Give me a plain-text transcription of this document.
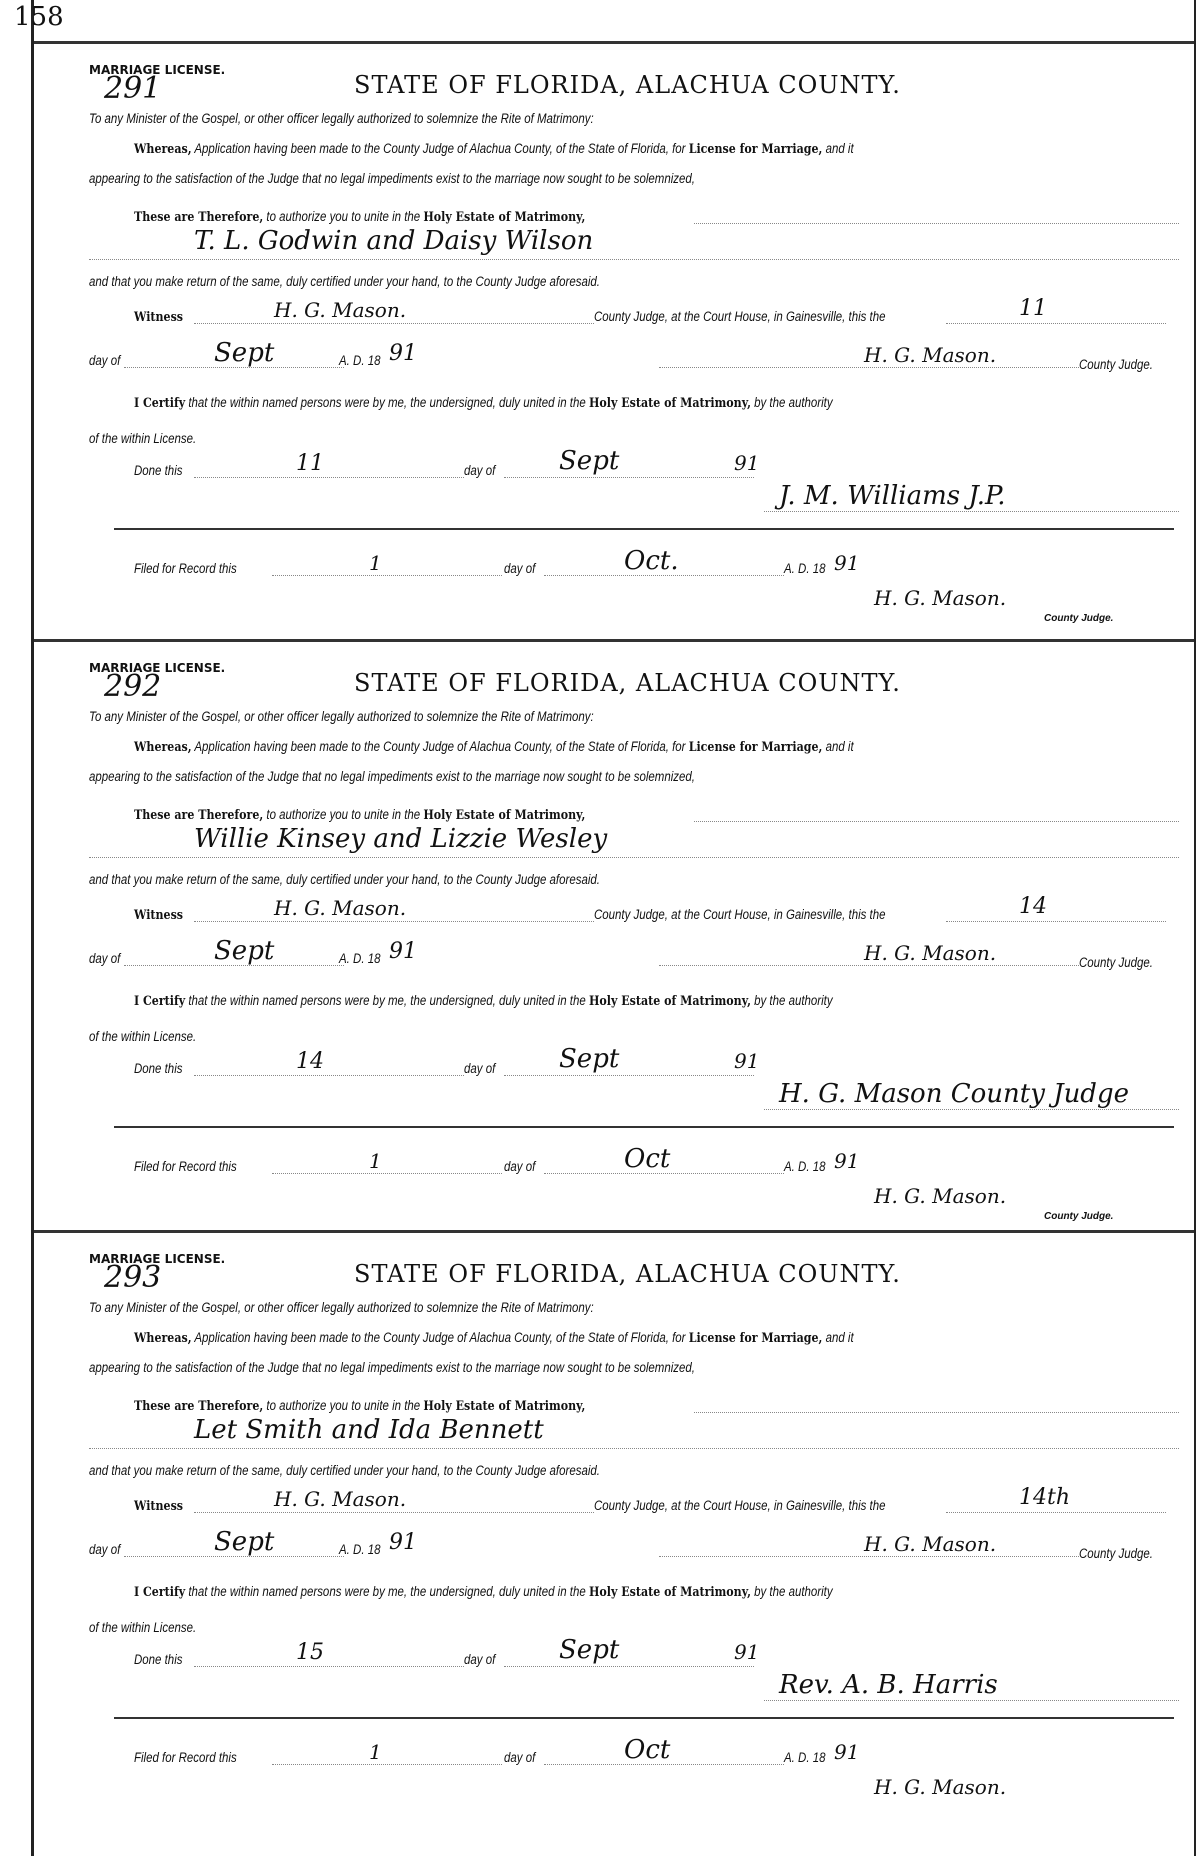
158
MARRIAGE LICENSE.
291	STATE OF FLORIDA, ALACHUA COUNTY.
To any Minister of the Gospel, or other officer legally authorized to solemnize the Rite of Matrimony:
Whereas, Application having been made to the County Judge of Alachua County, of the State of Florida, for License for Marriage, and it
appearing to the satisfaction of the Judge that no legal impediments exist to the marriage now sought to be solemnized,
These are Therefore, to authorize you to unite in the Holy Estate of Matrimony,
T. L. Godwin and Daisy Wilson
and that you make return of the same, duly certified under your hand, to the County Judge aforesaid.
Witness	H. G. Mason.	County Judge, at the Court House, in Gainesville, this the	11
day of	Sept	A. D. 18 91	H. G. Mason.	County Judge.
I Certify that the within named persons were by me, the undersigned, duly united in the Holy Estate of Matrimony, by the authority
of the within License.
Done this	11	day of Sept	91
J. M. Williams J.P.
Filed for Record this	1	day of	Oct.	A. D. 18 91
H. G. Mason.
County Judge.
MARRIAGE LICENSE.
292	STATE OF FLORIDA, ALACHUA COUNTY.
To any Minister of the Gospel, or other officer legally authorized to solemnize the Rite of Matrimony:
Whereas, Application having been made to the County Judge of Alachua County, of the State of Florida, for License for Marriage, and it
appearing to the satisfaction of the Judge that no legal impediments exist to the marriage now sought to be solemnized,
These are Therefore, to authorize you to unite in the Holy Estate of Matrimony,
Willie Kinsey and Lizzie Wesley
and that you make return of the same, duly certified under your hand, to the County Judge aforesaid.
Witness	H. G. Mason.	County Judge, at the Court House, in Gainesville, this the	14
day of	Sept	A. D. 18 91	H. G. Mason.	County Judge.
I Certify that the within named persons were by me, the undersigned, duly united in the Holy Estate of Matrimony, by the authority
of the within License.
Done this	14	day of Sept	91
H. G. Mason County Judge
Filed for Record this	1	day of	Oct	A. D. 18 91
H. G. Mason.
County Judge.
MARRIAGE LICENSE.
293	STATE OF FLORIDA, ALACHUA COUNTY.
To any Minister of the Gospel, or other officer legally authorized to solemnize the Rite of Matrimony:
Whereas, Application having been made to the County Judge of Alachua County, of the State of Florida, for License for Marriage, and it
appearing to the satisfaction of the Judge that no legal impediments exist to the marriage now sought to be solemnized,
These are Therefore, to authorize you to unite in the Holy Estate of Matrimony,
Let Smith and Ida Bennett
and that you make return of the same, duly certified under your hand, to the County Judge aforesaid.
Witness	H. G. Mason.	County Judge, at the Court House, in Gainesville, this the	14th
day of	Sept	A. D. 18 91	H. G. Mason.	County Judge.
I Certify that the within named persons were by me, the undersigned, duly united in the Holy Estate of Matrimony, by the authority
of the within License.
Done this	15	day of Sept	91
Rev. A. B. Harris
Filed for Record this	1	day of	Oct	A. D. 18 91
H. G. Mason.
